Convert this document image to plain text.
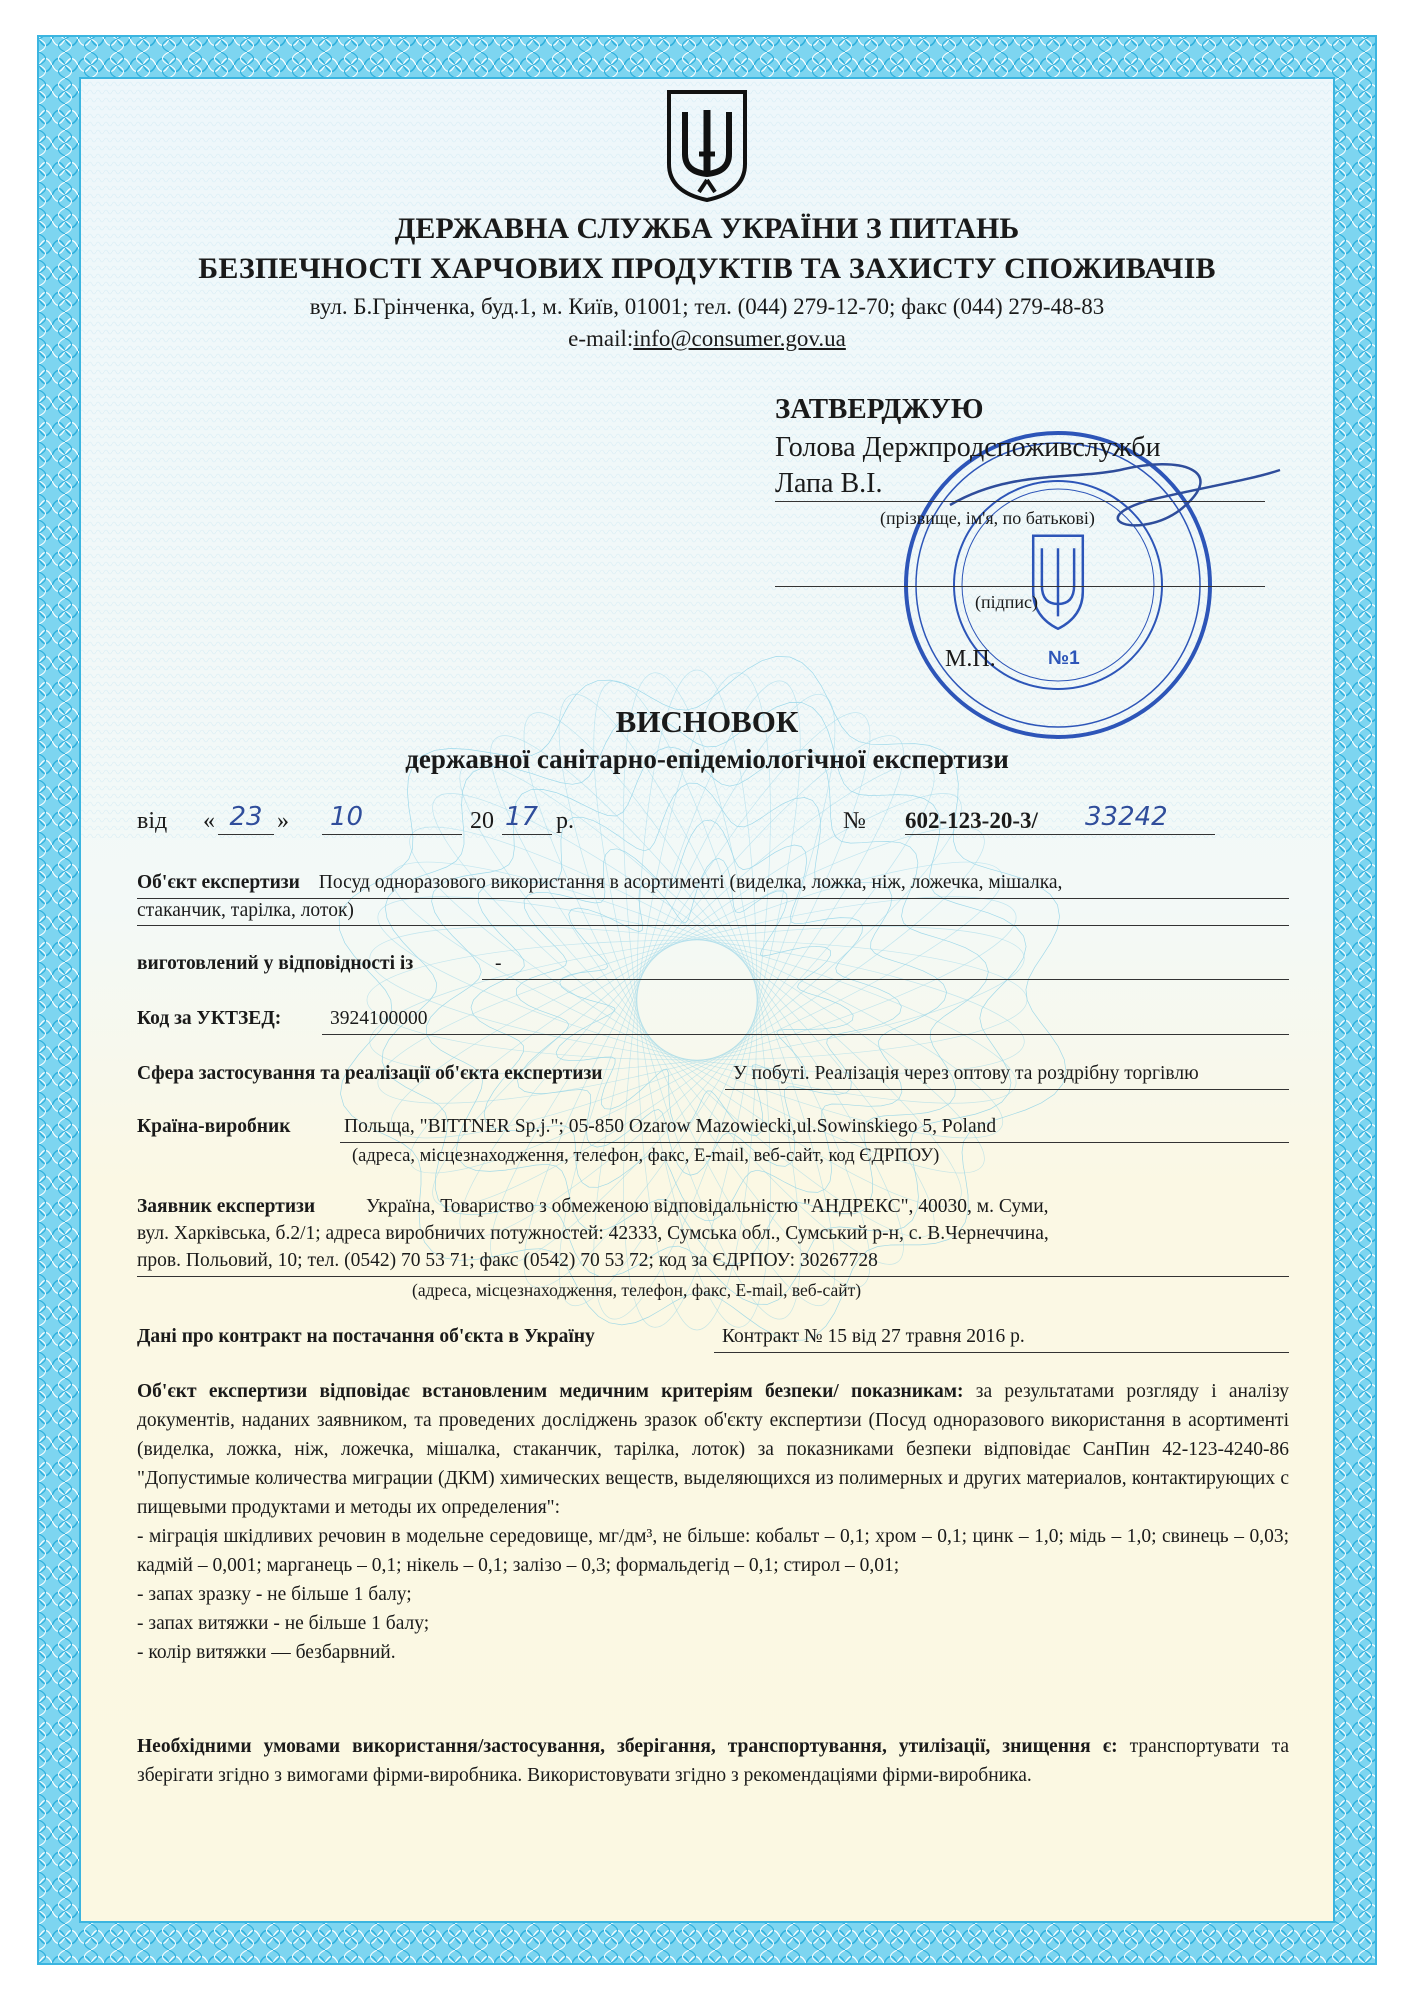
№1
ДЕРЖАВНА СЛУЖБА УКРАЇНИ З ПИТАНЬ
БЕЗПЕЧНОСТІ ХАРЧОВИХ ПРОДУКТІВ ТА ЗАХИСТУ СПОЖИВАЧІВ
вул. Б.Грінченка, буд.1, м. Київ, 01001; тел. (044) 279-12-70; факс (044) 279-48-83
e-mail:info@consumer.gov.ua
ЗАТВЕРДЖУЮ
Голова Держпродспоживслужби
Лапа В.І.
(прізвище, ім'я, по батькові)
(підпис)
М.П.
ВИСНОВОК
державної санітарно-епідеміологічної експертизи
від « 23 » 10	20 17 р.	№ 602-123-20-3/ 33242
Об'єкт експертизи Посуд одноразового використання в асортименті (виделка, ложка, ніж, ложечка, мішалка,
стаканчик, тарілка, лоток)
виготовлений у відповідності із	-
Код за УКТЗЕД:	3924100000
Сфера застосування та реалізації об'єкта експертизи	У побуті. Реалізація через оптову та роздрібну торгівлю
Країна-виробник	Польща, "BITTNER Sp.j."; 05-850 Ozarow Mazowiecki,ul.Sowinskiego 5, Poland
(адреса, місцезнаходження, телефон, факс, E-mail, веб-сайт, код ЄДРПОУ)
Заявник експертизи	Україна, Товариство з обмеженою відповідальністю "АНДРЕКС", 40030, м. Суми,
вул. Харківська, б.2/1; адреса виробничих потужностей: 42333, Сумська обл., Сумський р-н, с. В.Чернеччина,
пров. Польовий, 10; тел. (0542) 70 53 71; факс (0542) 70 53 72; код за ЄДРПОУ: 30267728
(адреса, місцезнаходження, телефон, факс, E-mail, веб-сайт)
Дані про контракт на постачання об'єкта в Україну	Контракт № 15 від 27 травня 2016 р.

Об'єкт експертизи відповідає встановленим медичним критеріям безпеки/ показникам: за результатами розгляду і аналізу документів, наданих заявником, та проведених досліджень зразок об'єкту експертизи (Посуд одноразового використання в асортименті (виделка, ложка, ніж, ложечка, мішалка, стаканчик, тарілка, лоток) за показниками безпеки відповідає СанПин 42-123-4240-86 "Допустимые количества миграции (ДКМ) химических веществ, выделяющихся из полимерных и других материалов, контактирующих с пищевыми продуктами и методы их определения":

- міграція шкідливих речовин в модельне середовище, мг/дм³, не більше: кобальт – 0,1; хром – 0,1; цинк – 1,0; мідь – 1,0; свинець – 0,03; кадмій – 0,001; марганець – 0,1; нікель – 0,1; залізо – 0,3; формальдегід – 0,1; стирол – 0,01;

- запах зразку - не більше 1 балу;

- запах витяжки - не більше 1 балу;

- колір витяжки — безбарвний.

Необхідними умовами використання/застосування, зберігання, транспортування, утилізації, знищення є: транспортувати та зберігати згідно з вимогами фірми-виробника. Використовувати згідно з рекомендаціями фірми-виробника.
